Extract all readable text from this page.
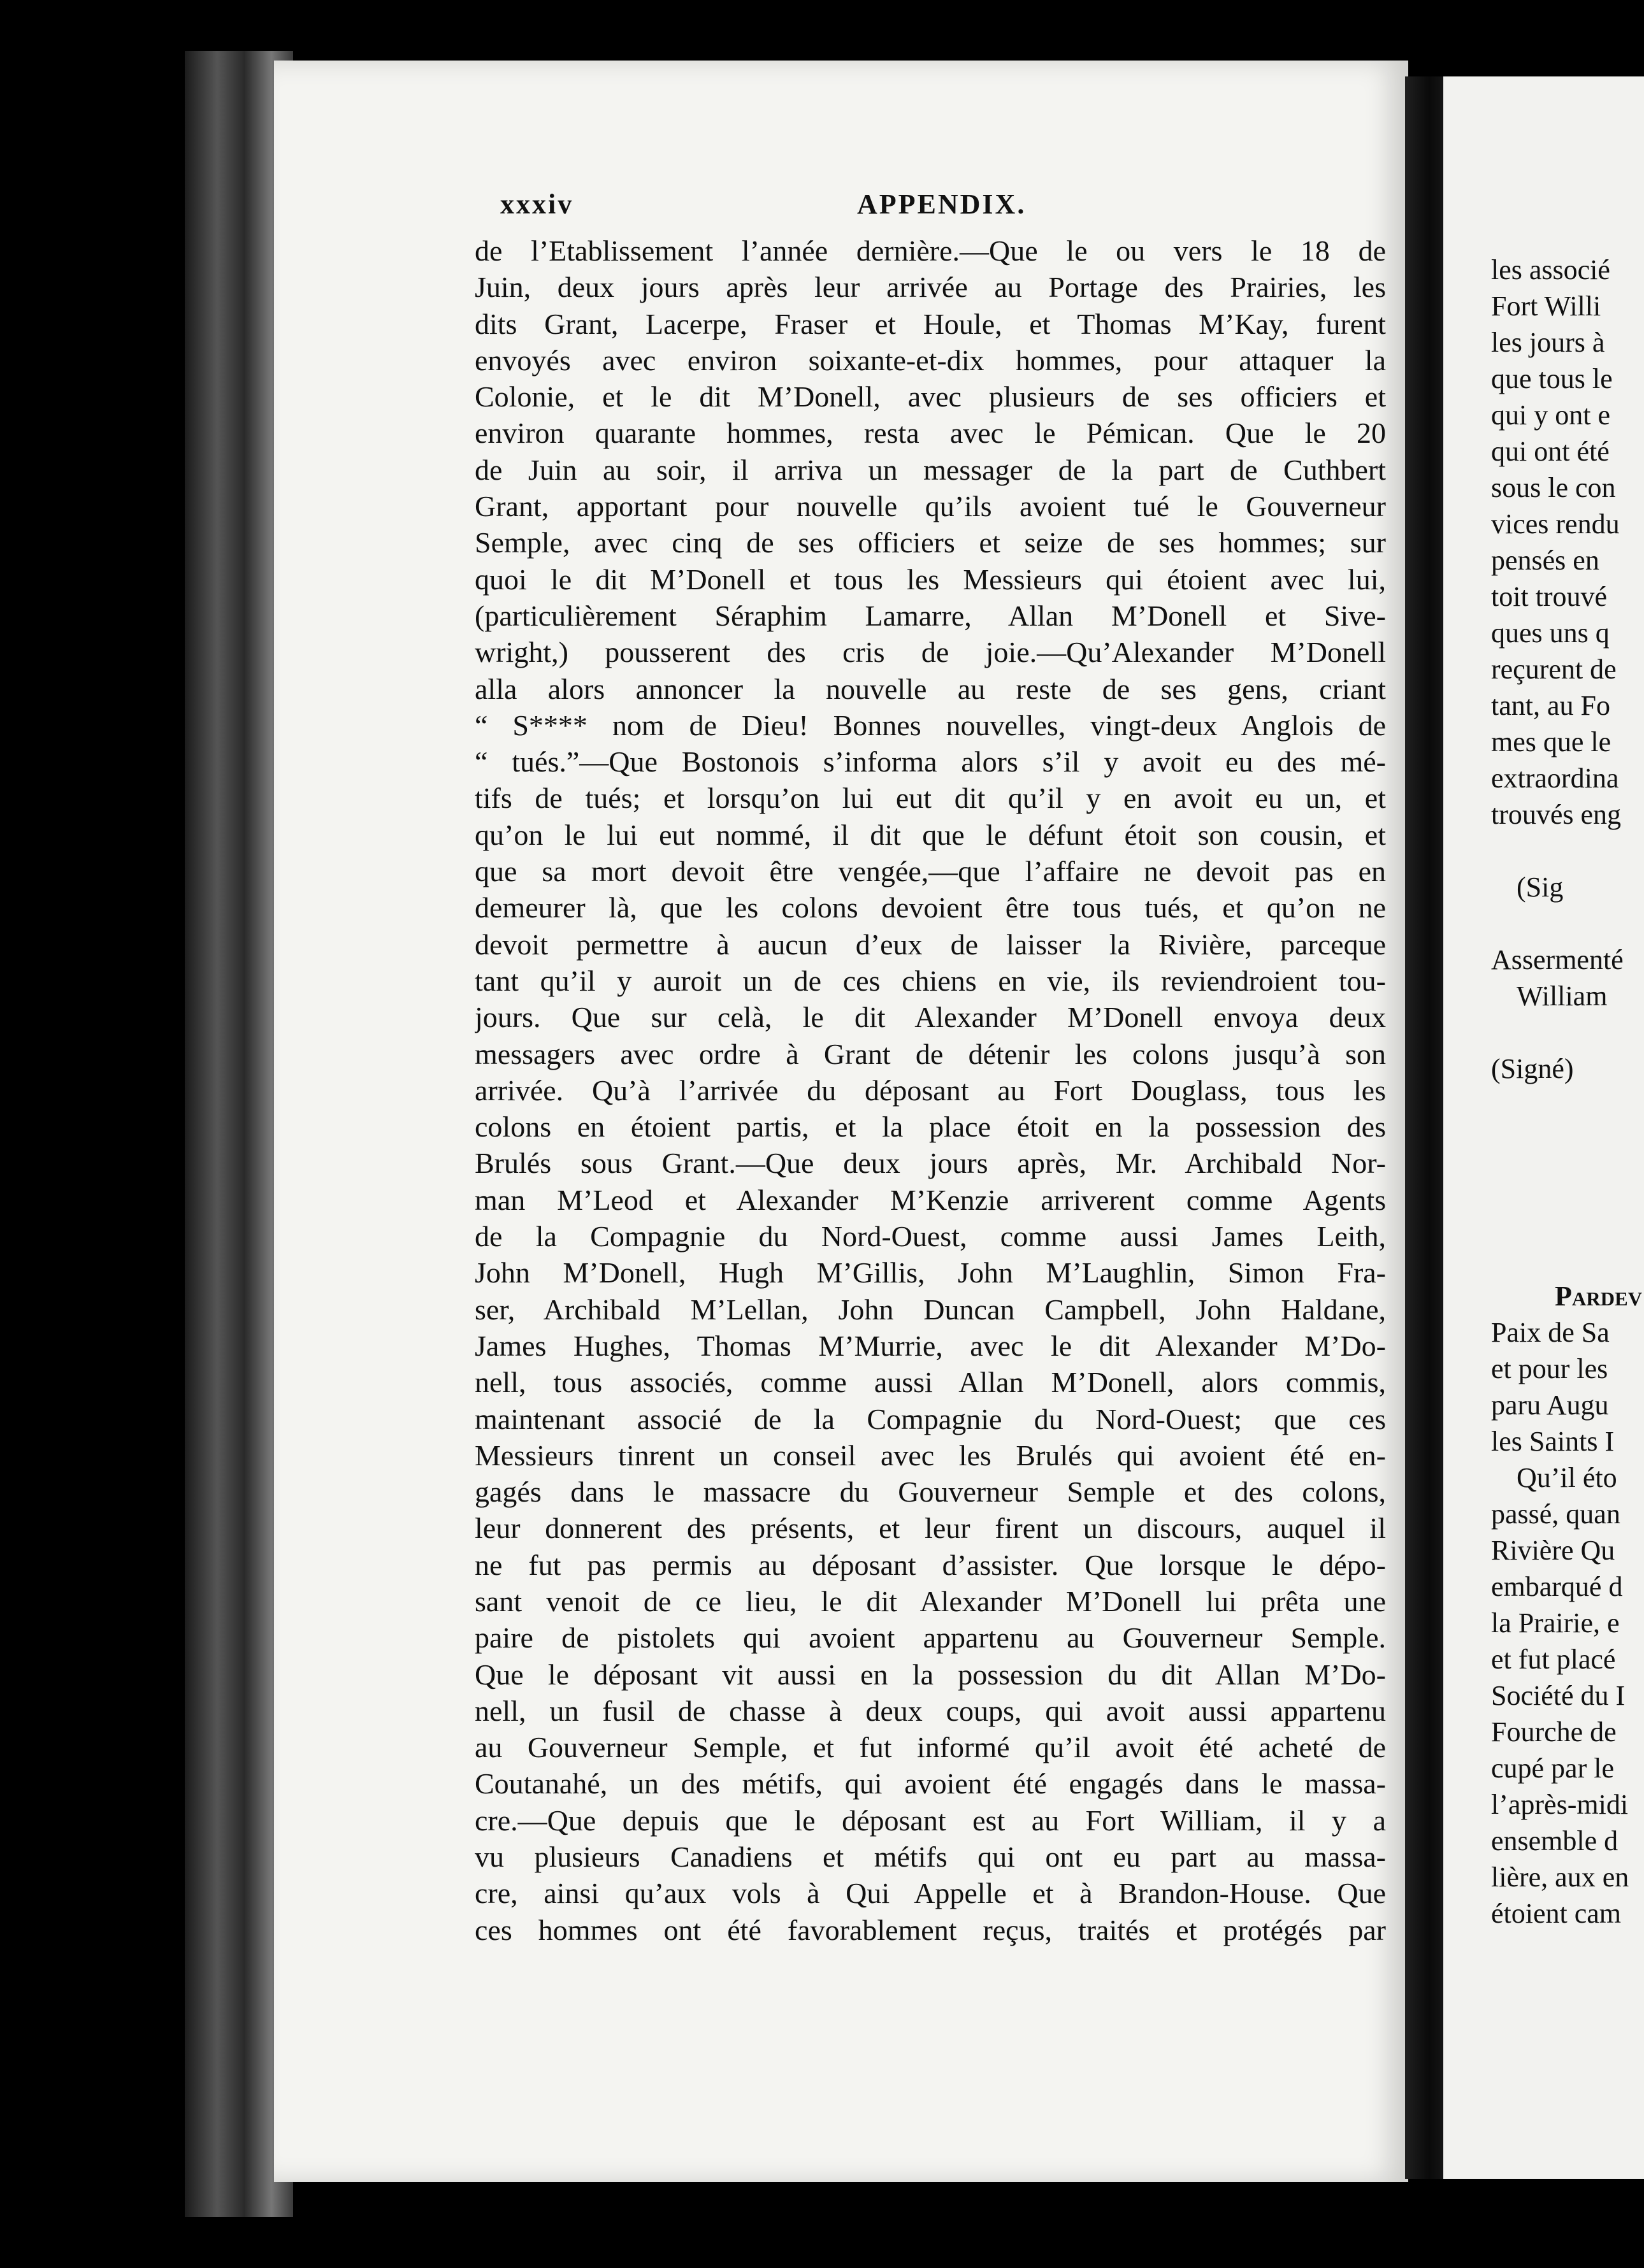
xxxiv	APPENDIX.
de l’Etablissement l’année dernière.—Que le ou vers le 18 de
Juin, deux jours après leur arrivée au Portage des Prairies, les
dits Grant, Lacerpe, Fraser et Houle, et Thomas M’Kay, furent
envoyés avec environ soixante-et-dix hommes, pour attaquer la
Colonie, et le dit M’Donell, avec plusieurs de ses officiers et
environ quarante hommes, resta avec le Pémican. Que le 20
de Juin au soir, il arriva un messager de la part de Cuthbert
Grant, apportant pour nouvelle qu’ils avoient tué le Gouverneur
Semple, avec cinq de ses officiers et seize de ses hommes; sur
quoi le dit M’Donell et tous les Messieurs qui étoient avec lui,
(particulièrement Séraphim Lamarre, Allan M’Donell et Sive-
wright,) pousserent des cris de joie.—Qu’Alexander M’Donell
alla alors annoncer la nouvelle au reste de ses gens, criant
“ S**** nom de Dieu! Bonnes nouvelles, vingt-deux Anglois de
“ tués.”—Que Bostonois s’informa alors s’il y avoit eu des mé-
tifs de tués; et lorsqu’on lui eut dit qu’il y en avoit eu un, et
qu’on le lui eut nommé, il dit que le défunt étoit son cousin, et
que sa mort devoit être vengée,—que l’affaire ne devoit pas en
demeurer là, que les colons devoient être tous tués, et qu’on ne
devoit permettre à aucun d’eux de laisser la Rivière, parceque
tant qu’il y auroit un de ces chiens en vie, ils reviendroient tou-
jours. Que sur celà, le dit Alexander M’Donell envoya deux
messagers avec ordre à Grant de détenir les colons jusqu’à son
arrivée. Qu’à l’arrivée du déposant au Fort Douglass, tous les
colons en étoient partis, et la place étoit en la possession des
Brulés sous Grant.—Que deux jours après, Mr. Archibald Nor-
man M’Leod et Alexander M’Kenzie arriverent comme Agents
de la Compagnie du Nord-Ouest, comme aussi James Leith,
John M’Donell, Hugh M’Gillis, John M’Laughlin, Simon Fra-
ser, Archibald M’Lellan, John Duncan Campbell, John Haldane,
James Hughes, Thomas M’Murrie, avec le dit Alexander M’Do-
nell, tous associés, comme aussi Allan M’Donell, alors commis,
maintenant associé de la Compagnie du Nord-Ouest; que ces
Messieurs tinrent un conseil avec les Brulés qui avoient été en-
gagés dans le massacre du Gouverneur Semple et des colons,
leur donnerent des présents, et leur firent un discours, auquel il
ne fut pas permis au déposant d’assister. Que lorsque le dépo-
sant venoit de ce lieu, le dit Alexander M’Donell lui prêta une
paire de pistolets qui avoient appartenu au Gouverneur Semple.
Que le déposant vit aussi en la possession du dit Allan M’Do-
nell, un fusil de chasse à deux coups, qui avoit aussi appartenu
au Gouverneur Semple, et fut informé qu’il avoit été acheté de
Coutanahé, un des métifs, qui avoient été engagés dans le massa-
cre.—Que depuis que le déposant est au Fort William, il y a
vu plusieurs Canadiens et métifs qui ont eu part au massa-
cre, ainsi qu’aux vols à Qui Appelle et à Brandon-House. Que
ces hommes ont été favorablement reçus, traités et protégés par
les associé
Fort Willi
les jours à
que tous le
qui y ont e
qui ont été
sous le con
vices rendu
pensés en
toit trouvé
ques uns q
reçurent de
tant, au Fo
mes que le
extraordina
trouvés eng
(Sig
Assermenté
William
(Signé)
Pardev
Paix de Sa
et pour les
paru Augu
les Saints I
Qu’il éto
passé, quan
Rivière Qu
embarqué d
la Prairie, e
et fut placé
Société du I
Fourche de
cupé par le
l’après-midi
ensemble d
lière, aux en
étoient cam
